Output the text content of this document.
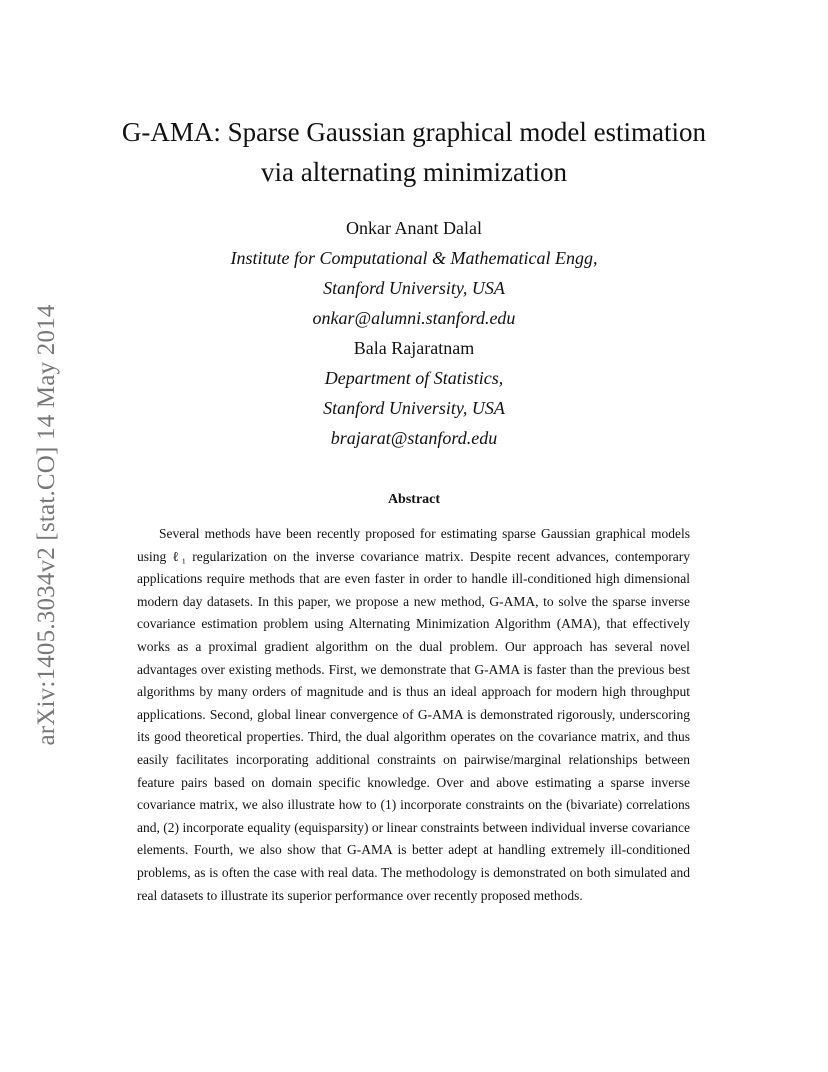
arXiv:1405.3034v2 [stat.CO] 14 May 2014
G-AMA: Sparse Gaussian graphical model estimation
via alternating minimization
Onkar Anant Dalal
Institute for Computational & Mathematical Engg,
Stanford University, USA
onkar@alumni.stanford.edu
Bala Rajaratnam
Department of Statistics,
Stanford University, USA
brajarat@stanford.edu
Abstract
Several methods have been recently proposed for estimating sparse Gaussian graphical models using ℓ₁ regularization on the inverse covariance matrix. Despite recent advances, contemporary applications require methods that are even faster in order to handle ill-conditioned high dimensional modern day datasets. In this paper, we propose a new method, G-AMA, to solve the sparse inverse covariance estimation problem using Alternating Minimization Algorithm (AMA), that effectively works as a proximal gradient algorithm on the dual problem. Our approach has several novel advantages over existing methods. First, we demonstrate that G-AMA is faster than the previous best algorithms by many orders of magnitude and is thus an ideal approach for modern high throughput applications. Second, global linear convergence of G-AMA is demonstrated rigorously, underscoring its good theoretical properties. Third, the dual algorithm operates on the covariance matrix, and thus easily facilitates incorporating additional constraints on pairwise/marginal relationships between feature pairs based on domain specific knowledge. Over and above estimating a sparse inverse covariance matrix, we also illustrate how to (1) incorporate constraints on the (bivariate) correlations and, (2) incorporate equality (equisparsity) or linear constraints between individual inverse covariance elements. Fourth, we also show that G-AMA is better adept at handling extremely ill-conditioned problems, as is often the case with real data. The methodology is demonstrated on both simulated and real datasets to illustrate its superior performance over recently proposed methods.
